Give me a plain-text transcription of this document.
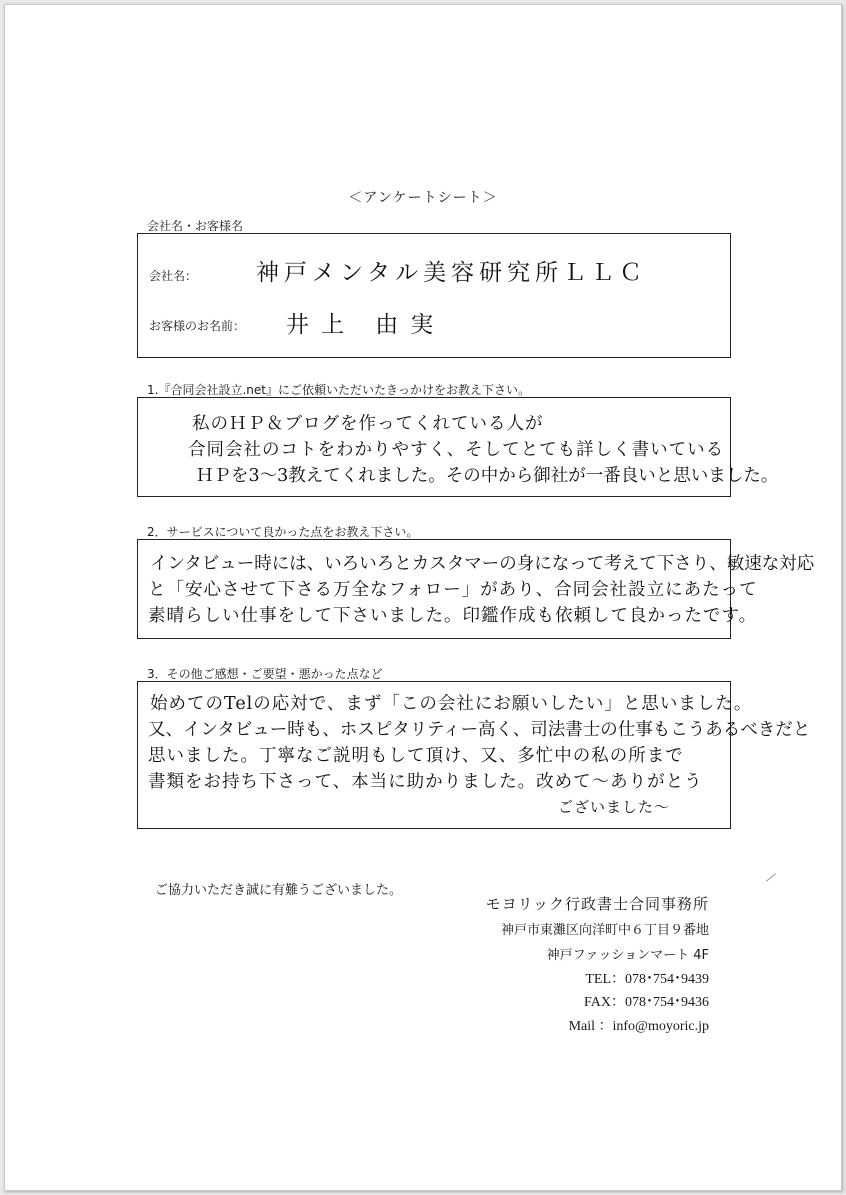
＜アンケートシート＞
会社名・お客様名
会社名：	神戸メンタル美容研究所ＬＬＣ
お客様のお名前： 井上 由実
1.『合同会社設立.net』にご依頼いただいたきっかけをお教え下さい。
私のＨＰ＆ブログを作ってくれている人が
合同会社のコトをわかりやすく、そしてとても詳しく書いている
ＨＰを3〜3教えてくれました。その中から御社が一番良いと思いました。
2．サービスについて良かった点をお教え下さい。
インタビュー時には、いろいろとカスタマーの身になって考えて下さり、敏速な対応
と「安心させて下さる万全なフォロー」があり、合同会社設立にあたって
素晴らしい仕事をして下さいました。印鑑作成も依頼して良かったです。
3．その他ご感想・ご要望・悪かった点など
始めてのTelの応対で、まず「この会社にお願いしたい」と思いました。
又、インタビュー時も、ホスピタリティー高く、司法書士の仕事もこうあるべきだと
思いました。丁寧なご説明もして頂け、又、多忙中の私の所まで
書類をお持ち下さって、本当に助かりました。改めて〜ありがとう
ございました〜
ご協力いただき誠に有難うございました。
モヨリック行政書士合同事務所
神戸市東灘区向洋町中６丁目９番地
神戸ファッションマート 4F
TEL：078･754･9439
FAX：078･754･9436
Mail ：info@moyoric.jp
